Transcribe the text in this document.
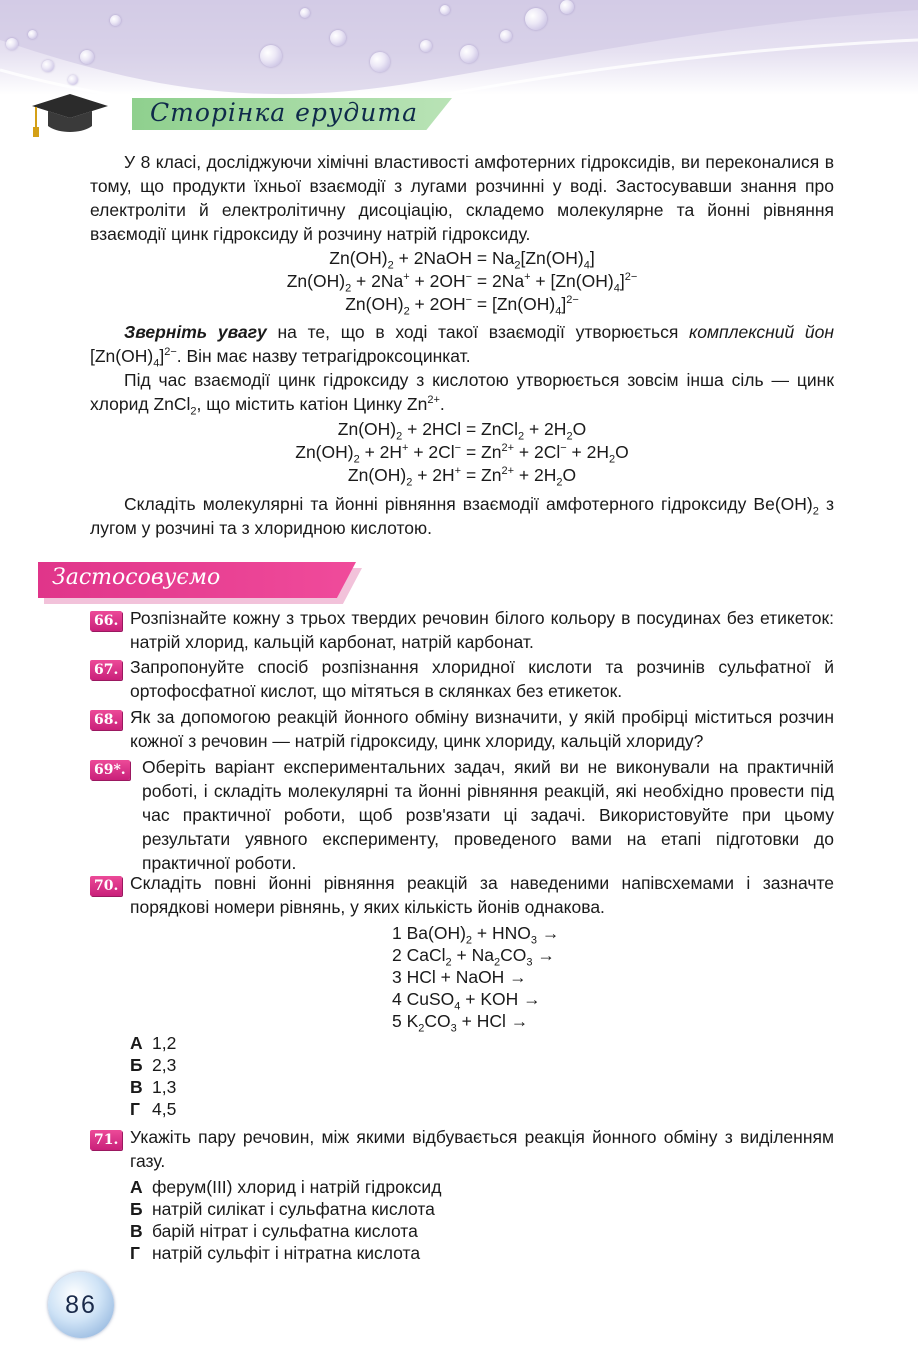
Сторінка ерудита

У 8 класі, досліджуючи хімічні властивості амфотерних гідроксидів, ви переконалися в тому, що продукти їхньої взаємодії з лугами розчинні у воді. Застосувавши знання про електроліти й електролітичну дисоціацію, складемо молекулярне та йонні рівняння взаємодії цинк гідроксиду й розчину натрій гідроксиду.

$Zn(OH)_2$ + 2NaOH = $Na_2[Zn(OH)_4]$

$Zn(OH)_2 + 2Na^+ + 2OH^- = 2Na^+ + [Zn(OH)_4]^{2-}$

$Zn(OH)_2 + 2OH^- = [Zn(OH)_4]^{2-}$

Зверніть увагу на те, що в ході такої взаємодії утворюється комплексний йон $[Zn(OH)_4]^{2-}$. Він має назву тетрагідроксоцинкат.

Під час взаємодії цинк гідроксиду з кислотою утворюється зовсім інша сіль — цинк хлорид ZnCl$_2$, що містить катіон Цинку $Zn^{2+}$.

$Zn(OH)_2 + 2HCl$ = ZnCl$_2$ + $2H_2O$

$Zn(OH)_2 + 2H^+ + 2Cl^- = Zn^{2+} + 2Cl^- + 2H_2O$

$Zn(OH)_2 + 2H^+ = Zn^{2+} + 2H_2O$

Складіть молекулярні та йонні рівняння взаємодії амфотерного гідроксиду $Be(OH)_2$ з лугом у розчині та з хлоридною кислотою.

Застосовуємо
66. Розпізнайте кожну з трьох твердих речовин білого кольору в посудинах без етикеток: натрій хлорид, кальцій карбонат, натрій карбонат.

67. Запропонуйте спосіб розпізнання хлоридної кислоти та розчинів сульфатної й ортофосфатної кислот, що мітяться в склянках без етикеток.

68. Як за допомогою реакцій йонного обміну визначити, у якій пробірці міститься розчин кожної з речовин — натрій гідроксиду, цинк хлориду, кальцій хлориду?

69*. Оберіть варіант експериментальних задач, який ви не виконували на практичній роботі, і складіть молекулярні та йонні рівняння реакцій, які необхідно провести під час практичної роботи, щоб розв'язати ці задачі. Використовуйте при цьому результати уявного експерименту, проведеного вами на етапі підготовки до практичної роботи.

70. Складіть повні йонні рівняння реакцій за наведеними напівсхемами і зазначте порядкові номери рівнянь, у яких кількість йонів однакова.

1 $Ba(OH)_2 + HNO_3$ →
2 CaCl$_2$ + $Na_2CO_3$ →
3 HCl + NaOH →
4 CuSO$_4$ + KOH →
5 $K_2CO_3$ + HCl →
А 1,2
Б 2,3
В 1,3
Г 4,5
71. Укажіть пару речовин, між якими відбувається реакція йонного обміну з виділенням газу.

А ферум(III) хлорид і натрій гідроксид
Б натрій силікат і сульфатна кислота
В барій нітрат і сульфатна кислота
Г натрій сульфіт і нітратна кислота
86
